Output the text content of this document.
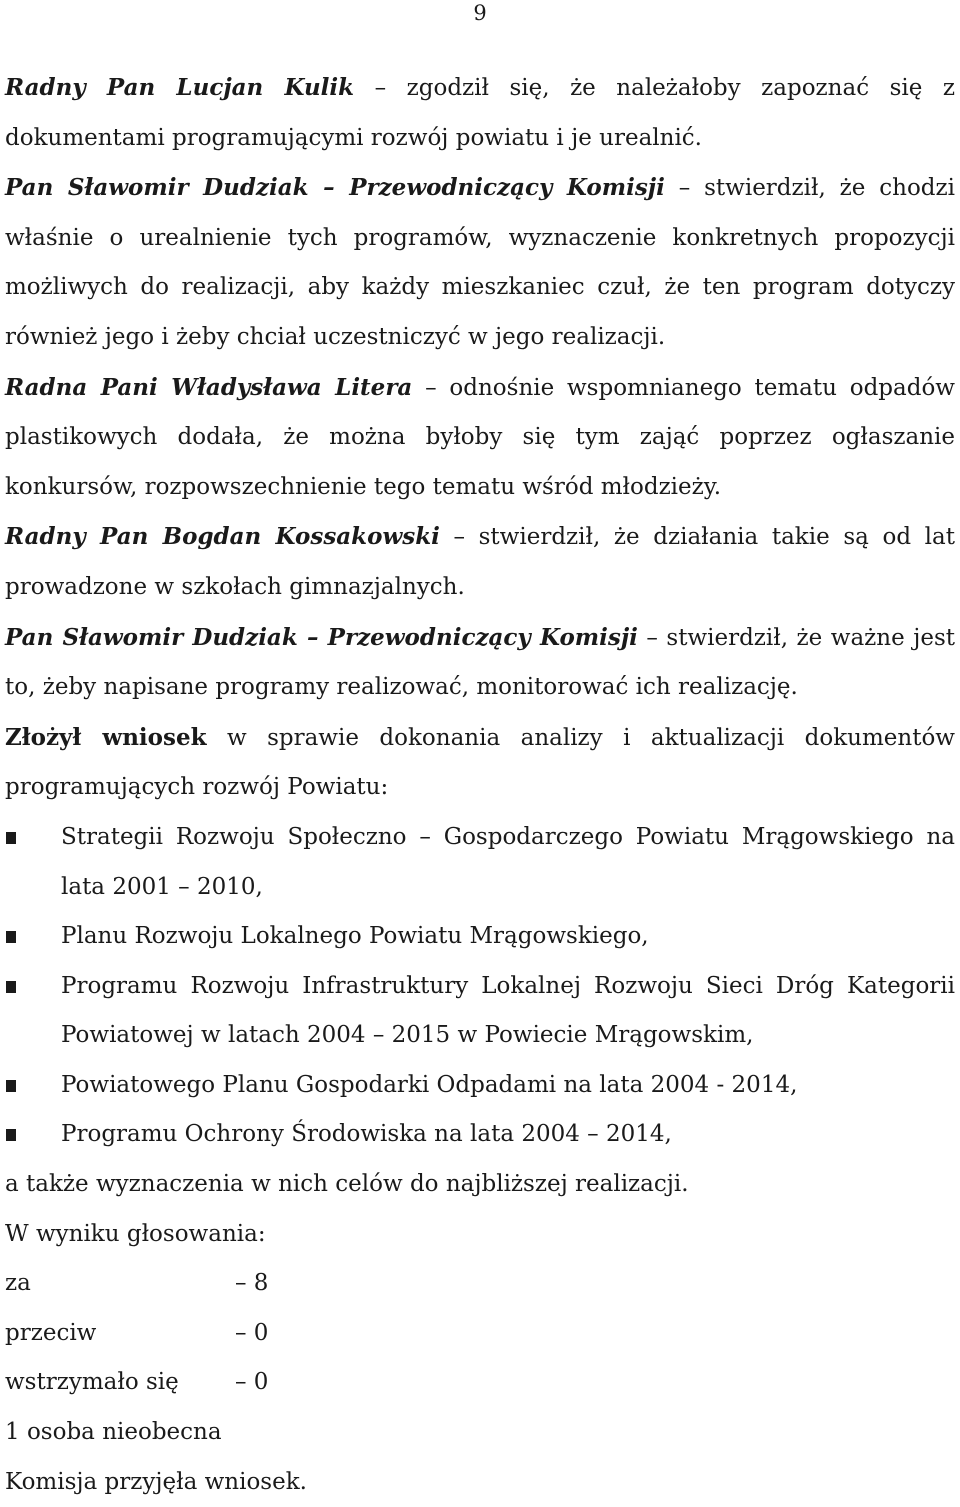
9

Radny Pan Lucjan Kulik – zgodził się, że należałoby zapoznać się z dokumentami programującymi rozwój powiatu i je urealnić.

Pan Sławomir Dudziak – Przewodniczący Komisji – stwierdził, że chodzi właśnie o urealnienie tych programów, wyznaczenie konkretnych propozycji możliwych do realizacji, aby każdy mieszkaniec czuł, że ten program dotyczy również jego i żeby chciał uczestniczyć w jego realizacji.

Radna Pani Władysława Litera – odnośnie wspomnianego tematu odpadów plastikowych dodała, że można byłoby się tym zająć poprzez ogłaszanie konkursów, rozpowszechnienie tego tematu wśród młodzieży.

Radny Pan Bogdan Kossakowski – stwierdził, że działania takie są od lat prowadzone w szkołach gimnazjalnych.

Pan Sławomir Dudziak – Przewodniczący Komisji – stwierdził, że ważne jest to, żeby napisane programy realizować, monitorować ich realizację.

Złożył wniosek w sprawie dokonania analizy i aktualizacji dokumentów programujących rozwój Powiatu:

Strategii Rozwoju Społeczno – Gospodarczego Powiatu Mrągowskiego na lata 2001 – 2010,
Planu Rozwoju Lokalnego Powiatu Mrągowskiego,
Programu Rozwoju Infrastruktury Lokalnej Rozwoju Sieci Dróg Kategorii Powiatowej w latach 2004 – 2015 w Powiecie Mrągowskim,
Powiatowego Planu Gospodarki Odpadami na lata 2004 - 2014,
Programu Ochrony Środowiska na lata 2004 – 2014,

a także wyznaczenia w nich celów do najbliższej realizacji.

W wyniku głosowania:

za	– 8
przeciw	– 0
wstrzymało się	– 0

1 osoba nieobecna

Komisja przyjęła wniosek.
